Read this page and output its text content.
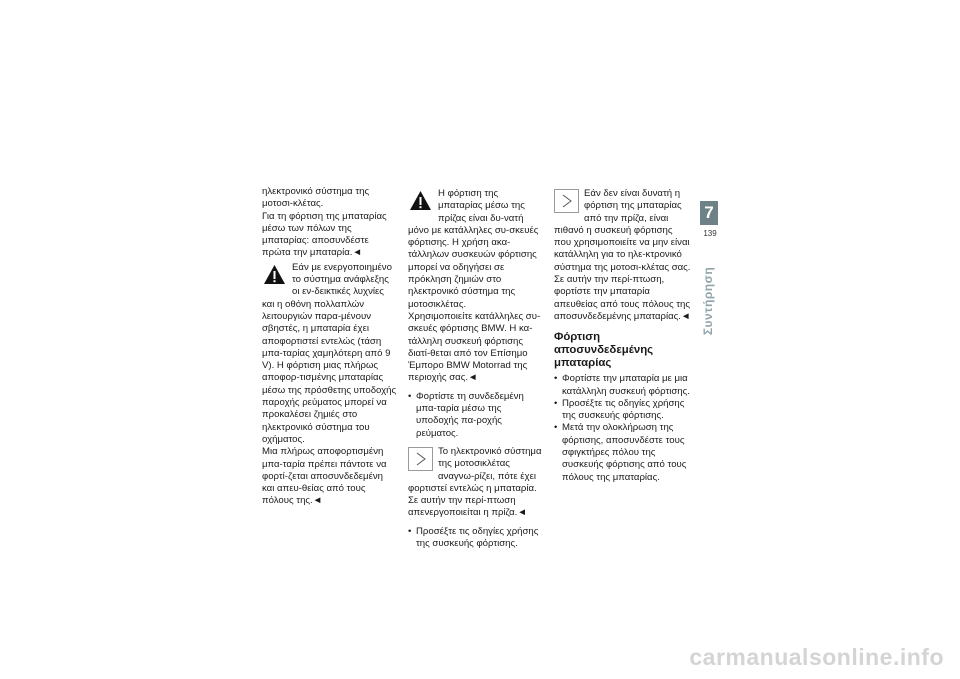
ηλεκτρονικό σύστημα της μοτοσι-κλέτας.

Για τη φόρτιση της μπαταρίας μέσω των πόλων της μπαταρίας: αποσυνδέστε πρώτα την μπαταρία.◄

Εάν με ενεργοποιημένο το σύστημα ανάφλεξης οι εν-δεικτικές λυχνίες και η οθόνη πολλαπλών λειτουργιών παρα-μένουν σβηστές, η μπαταρία έχει αποφορτιστεί εντελώς (τάση μπα-ταρίας χαμηλότερη από 9 V). Η φόρτιση μιας πλήρως αποφορ-τισμένης μπαταρίας μέσω της πρόσθετης υποδοχής παροχής ρεύματος μπορεί να προκαλέσει ζημιές στο ηλεκτρονικό σύστημα του οχήματος.

Μια πλήρως αποφορτισμένη μπα-ταρία πρέπει πάντοτε να φορτί-ζεται αποσυνδεδεμένη και απευ-θείας από τους πόλους της.◄

Η φόρτιση της μπαταρίας μέσω της πρίζας είναι δυ-νατή μόνο με κατάλληλες συ-σκευές φόρτισης. Η χρήση ακα-τάλληλων συσκευών φόρτισης μπορεί να οδηγήσει σε πρόκληση ζημιών στο ηλεκτρονικό σύστημα της μοτοσικλέτας.

Χρησιμοποιείτε κατάλληλες συ-σκευές φόρτισης BMW. Η κα-τάλληλη συσκευή φόρτισης διατί-θεται από τον Επίσημο Έμπορο BMW Motorrad της περιοχής σας.◄

• Φορτίστε τη συνδεδεμένη μπα-ταρία μέσω της υποδοχής πα-ροχής ρεύματος.

Το ηλεκτρονικό σύστημα της μοτοσικλέτας αναγνω-ρίζει, πότε έχει φορτιστεί εντελώς η μπαταρία. Σε αυτήν την περί-πτωση απενεργοποιείται η πρίζα.◄

• Προσέξτε τις οδηγίες χρήσης της συσκευής φόρτισης.

Εάν δεν είναι δυνατή η φόρτιση της μπαταρίας από την πρίζα, είναι πιθανό η συσκευή φόρτισης που χρησιμοποιείτε να μην είναι κατάλληλη για το ηλε-κτρονικό σύστημα της μοτοσι-κλέτας σας. Σε αυτήν την περί-πτωση, φορτίστε την μπαταρία απευθείας από τους πόλους της αποσυνδεδεμένης μπαταρίας.◄

Φόρτιση αποσυνδεδεμένης μπαταρίας
• Φορτίστε την μπαταρία με μια κατάλληλη συσκευή φόρτισης.
• Προσέξτε τις οδηγίες χρήσης της συσκευής φόρτισης.
• Μετά την ολοκλήρωση της φόρτισης, αποσυνδέστε τους σφιγκτήρες πόλου της συσκευής φόρτισης από τους πόλους της μπαταρίας.
7
139
Συντήρηση
carmanualsonline.info
